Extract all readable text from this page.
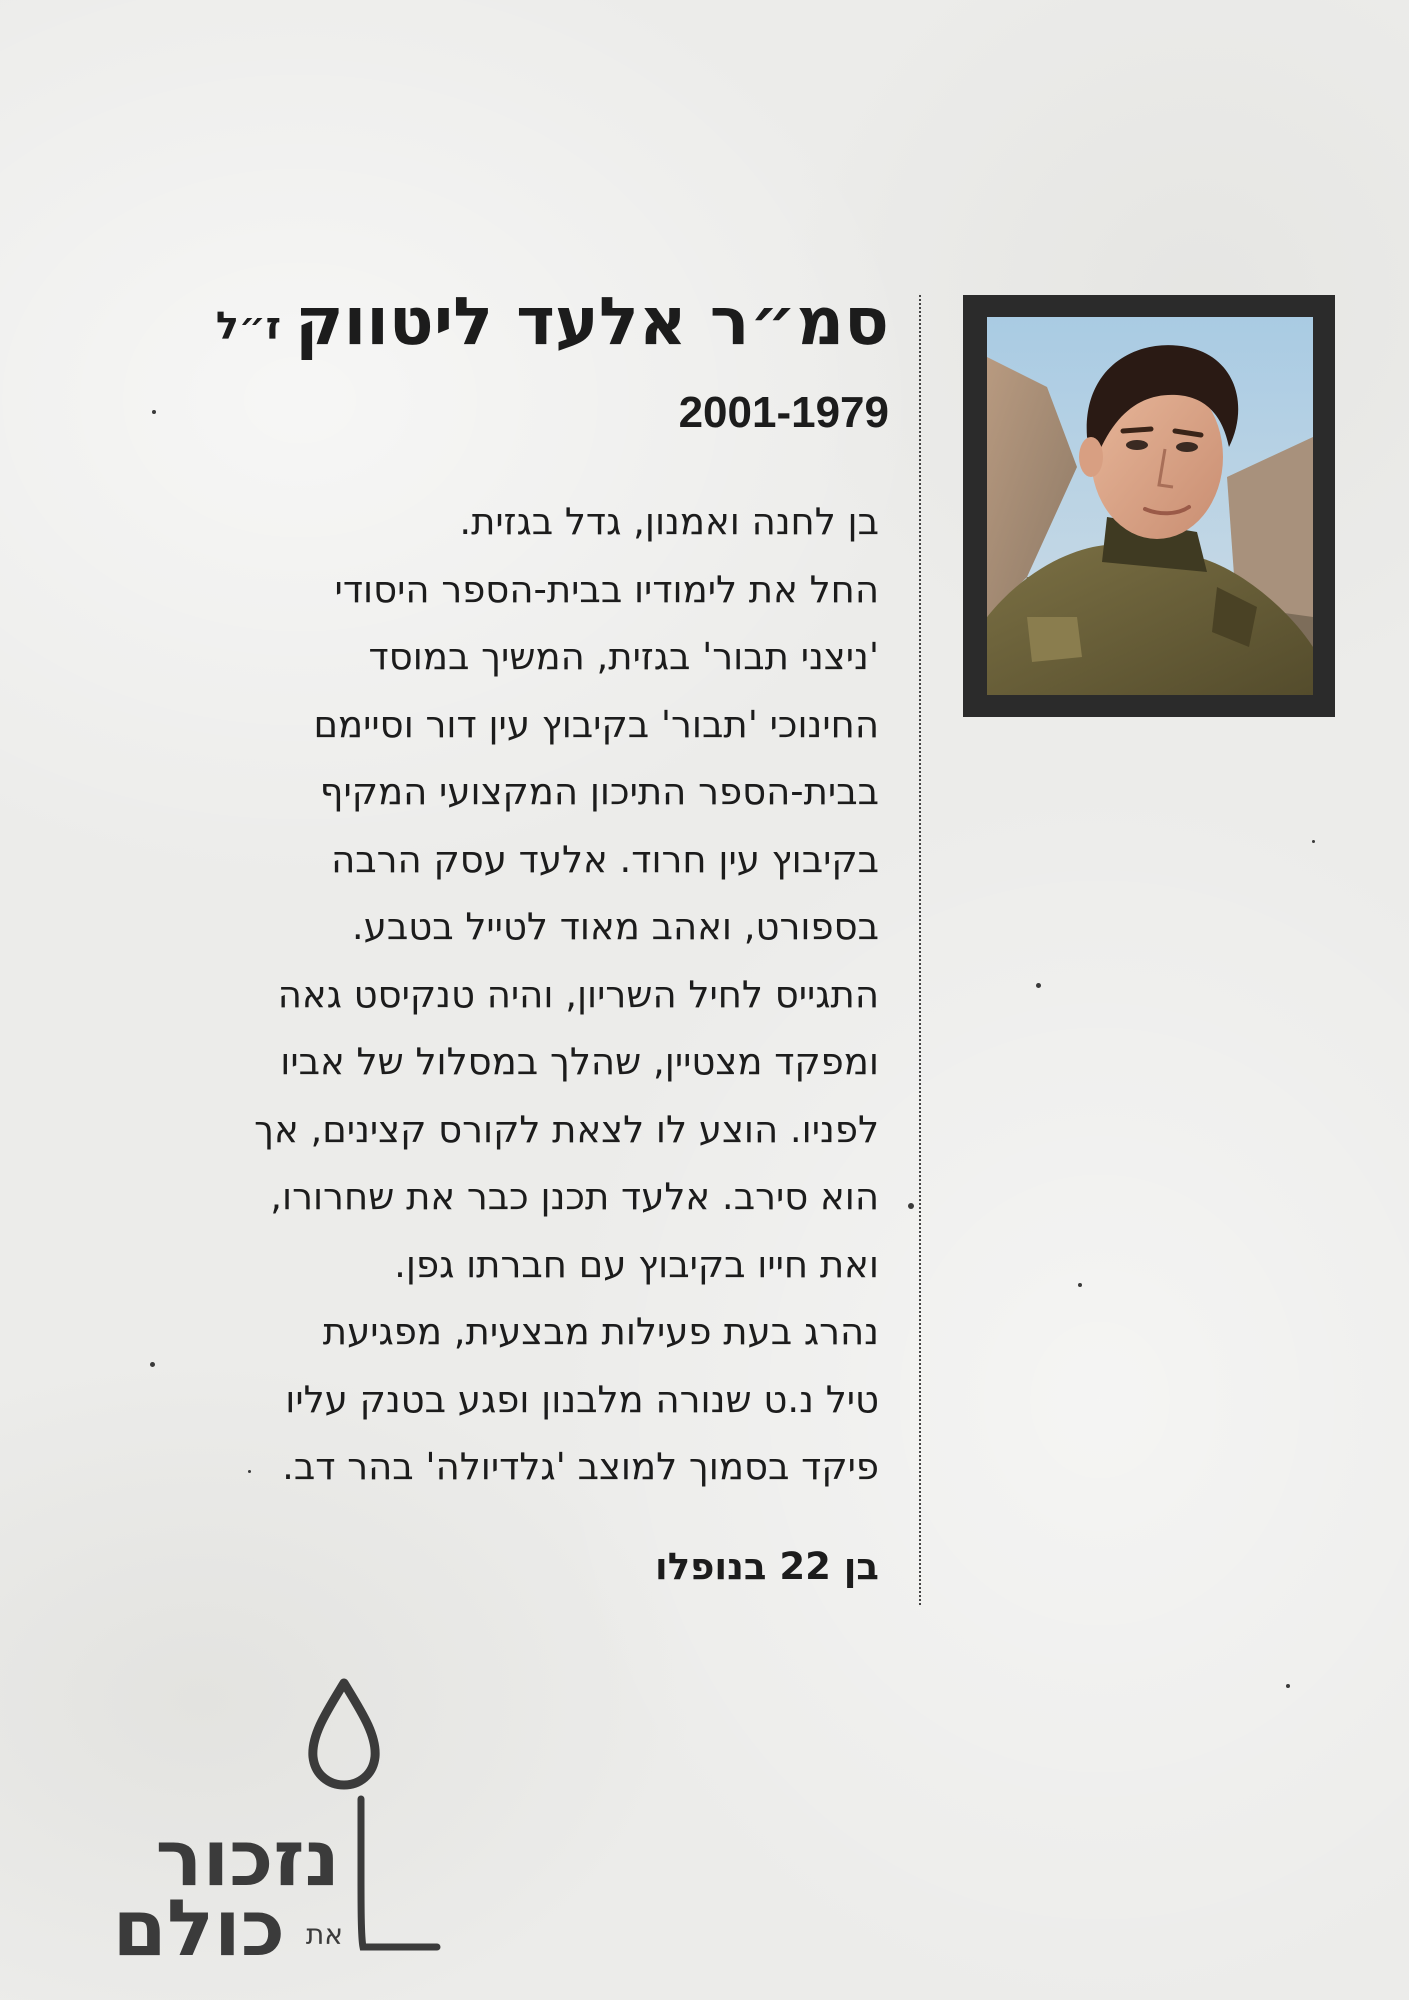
סמ״ר אלעד ליטווקז״ל
2001-1979
בן לחנה ואמנון, גדל בגזית.
החל את לימודיו בבית-הספר היסודי
'ניצני תבור' בגזית, המשיך במוסד
החינוכי 'תבור' בקיבוץ עין דור וסיימם
בבית-הספר התיכון המקצועי המקיף
בקיבוץ עין חרוד. אלעד עסק הרבה
בספורט, ואהב מאוד לטייל בטבע.
התגייס לחיל השריון, והיה טנקיסט גאה
ומפקד מצטיין, שהלך במסלול של אביו
לפניו. הוצע לו לצאת לקורס קצינים, אך
הוא סירב. אלעד תכנן כבר את שחרורו,
ואת חייו בקיבוץ עם חברתו גפן.
נהרג בעת פעילות מבצעית, מפגיעת
טיל נ.ט שנורה מלבנון ופגע בטנק עליו
פיקד בסמוך למוצב 'גלדיולה' בהר דב.
בן 22 בנופלו
נזכור
את
כולם
